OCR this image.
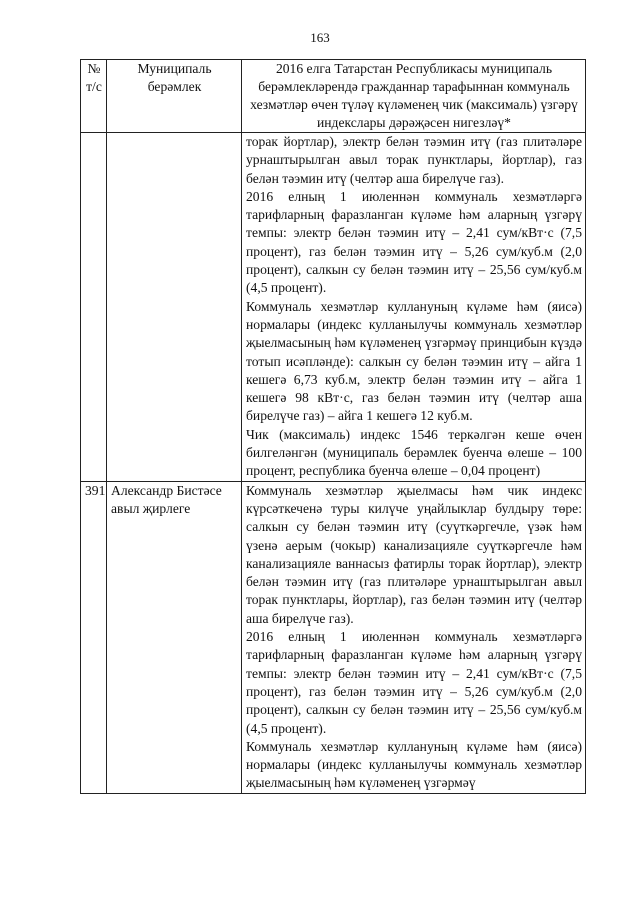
163
№ т/с	Муниципаль берәмлек	2016 елга Татарстан Республикасы муниципаль берәмлекләрендә гражданнар тарафыннан коммуналь хезмәтләр өчен түләү күләменең чик (максималь) үзгәрү индекслары дәрәҗәсен нигезләү*

		торак йортлар), электр белән тәэмин итү (газ плитәләре урнаштырылган авыл торак пунктлары, йортлар), газ белән тәэмин итү (челтәр аша бирелүче газ).

2016 елның 1 июленнән коммуналь хезмәтләргә тарифларның фаразланган күләме һәм аларның үзгәрү темпы: электр белән тәэмин итү – 2,41 сум/кВт·с (7,5 процент), газ белән тәэмин итү – 5,26 сум/куб.м (2,0 процент), салкын су белән тәэмин итү – 25,56 сум/куб.м (4,5 процент).

Коммуналь хезмәтләр куллануның күләме һәм (яисә) нормалары (индекс кулланылучы коммуналь хезмәтләр җыелмасының һәм күләменең үзгәрмәү принцибын күздә тотып исәпләнде): салкын су белән тәэмин итү – айга 1 кешегә 6,73 куб.м, электр белән тәэмин итү – айга 1 кешегә 98 кВт·с, газ белән тәэмин итү (челтәр аша бирелүче газ) – айга 1 кешегә 12 куб.м.

Чик (максималь) индекс 1546 теркәлгән кеше өчен билгеләнгән (муниципаль берәмлек буенча өлеше – 100 процент, республика буенча өлеше – 0,04 процент)

391	Александр Бистәсе авыл җирлеге	Коммуналь хезмәтләр җыелмасы һәм чик индекс күрсәткеченә туры килүче уңайлыклар булдыру төре: салкын су белән тәэмин итү (суүткәргечле, үзәк һәм үзенә аерым (чокыр) канализацияле суүткәргечле һәм канализацияле ваннасыз фатирлы торак йортлар), электр белән тәэмин итү (газ плитәләре урнаштырылган авыл торак пунктлары, йортлар), газ белән тәэмин итү (челтәр аша бирелүче газ).

2016 елның 1 июленнән коммуналь хезмәтләргә тарифларның фаразланган күләме һәм аларның үзгәрү темпы: электр белән тәэмин итү – 2,41 сум/кВт·с (7,5 процент), газ белән тәэмин итү – 5,26 сум/куб.м (2,0 процент), салкын су белән тәэмин итү – 25,56 сум/куб.м (4,5 процент).

Коммуналь хезмәтләр куллануның күләме һәм (яисә) нормалары (индекс кулланылучы коммуналь хезмәтләр җыелмасының һәм күләменең үзгәрмәү
